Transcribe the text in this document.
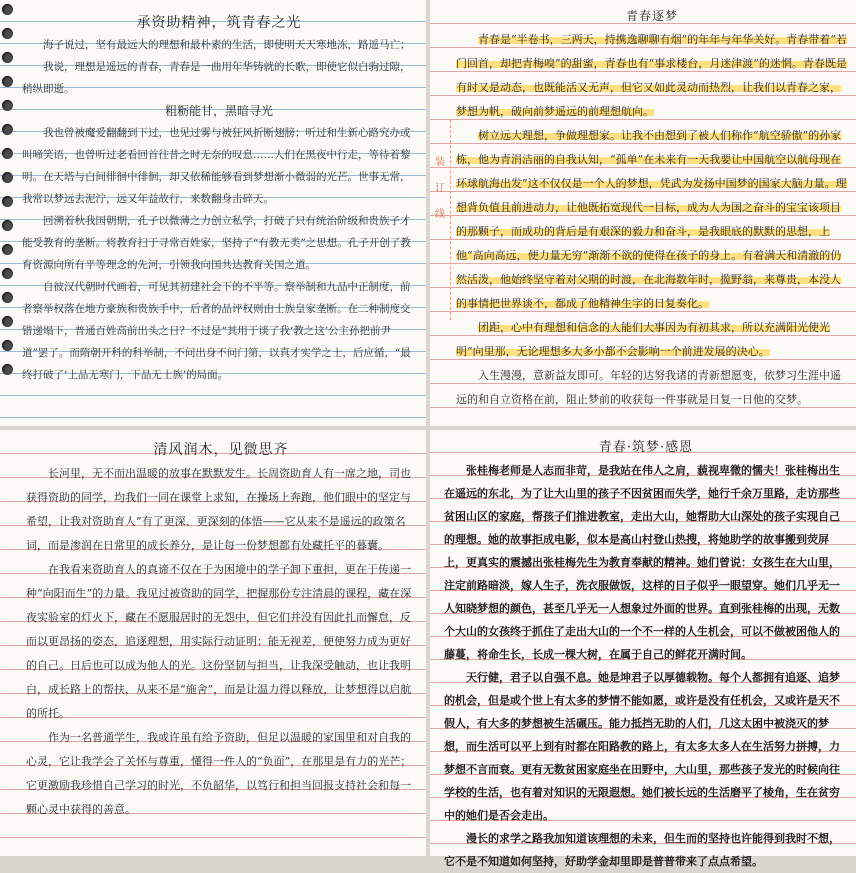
承资助精神，筑青春之光

海子说过，坚有最远大的理想和最朴素的生活，即使明天天寒地冻，路遥马亡；

我说，理想是遥远的青春，青春是一曲用年华铸就的长歌，即使它似白驹过隙，稍纵即逝。

粗粝能甘，黑暗寻光

我也曾被魔爱翻翻到下过，也见过雾与被狂风折断翅膀；听过和生新心路究办或叫啼笑语，也曾听过老看回首往昔之时无奈的叹息……人们在黑夜中行走，等待着黎明。在天塔与白间徘徊中徘徊，却又依稀能够看到梦想渐小微弱的光芒。世事无常，我常以梦远去泥泞，远又年益故行，来数翻身击碎天。

回溯着秋我国朝期，孔子以微薄之力创立私学，打破了只有统治阶级和贵族子才能受教育的垄断。将教育扫于寻常百姓家，坚持了“有教无类”之思想。孔子开创了教育资源向所有平等理念的先河，引领我向国共达教育关国之道。

自彼汉代朝时代画着，可见其初建社会下的不平等。察举制和九品中正制度，前者察举权落在地方豪族和贵族手中，后者的品评权则由士族皇家垄断。在二种制度交错递塌下，普通百姓高前出头之日？不过是“其用于谈了我‘教之这’公主孙把前尹道”罢了。而隋朝开科的科举制，不问出身不问门第，以真才实学之士，后应循，“最终打破了‘上品无寒门，下品无士族’的局面。

装　订　线

青春逐梦

青春是“半卷书，三两天，持携逸聊聊有烟”的年年与年华关好。青春带着“若门回首，却把青梅嗅”的甜蜜，青春也有“事求楼台，月迷津渡”的迷惘。青春既是有时又是动态，也既能活又无声，但它又如此灵动而热烈，让我们以青春之家，梦想为帆，破向前梦遥远的前理想航向。

树立远大理想，争做理想家。让我不由想到了被人们称作“航空骄傲”的孙家栋，他为青涓洁丽的自我认知，“孤单”在未来有一天我要让中国航空以航母现在环球航海出发”这不仅仅是一个人的梦想，凭武为发扬中国梦的国家大脑力量。理想背负值且前进动力，让他既拓宽现代一目标，成为人为国之奋斗的宝宝该项目的那颗子，而成功的背后是有艰深的毅力和奋斗，是我眼底的默默的思想，上他“高向高远，便力量无穷”渐渐不欲的使得在孩子的身上。有着满天和清澈的仍然活泼，他始终坚守着对父期的时渡，在北海数年时，揽野翁，来尊贵，本没人的事情把世界谈不，都成了他精神生字的日复奏化。

团距，心中有理想和信念的人能们大事因为有初其求，所以充满阳光使光明“向里那，无论理想多大多小都不会影响一个前进发展的决心。

入生漫漫，意新益友即可。年轻的达努我诸的青新想愿变，依梦习生涯中遥远的和自立资格在前，阻止梦前的收获每一件事就是日复一日他的交梦。

清风润木，见微思齐

长河里，无不而出温暖的放事在默默发生。长周资助育人有一席之地，司也获得资助的同学，均我们一同在课堂上求知，在操场上奔跑，他们眼中的坚定与希望，让我对资助育人”有了更深、更深刻的体悟——它从来不是遥远的政策名词，而是渗润在日常里的成长养分，是让每一份梦想都有处藏托平的暮囊。

在我看来资助育人的真谛不仅在于为困境中的学子卸下重担，更在于传递一种“向阳而生”的力量。我见过被资助的同学，把握那份专注清晨的课程，藏在深夜实验室的灯火下，藏在不愿服居时的无怨中，但它们并没有因此扎而懈怠，反而以更昂扬的姿态，追逐理想，用实际行动证明：能无视差，便使努力成为更好的自己。日后也可以成为他人的光。这份坚韧与担当，让我深受触动，也让我明白，成长路上的帮扶，从来不是“施舍”，而是让温力得以释放，让梦想得以启航的所托。

作为一名普通学生，我或许虽有给予资助，但足以温暖的家国里和对自我的心灵，它让我学会了关怀与尊重，懂得一件人的“负面”，在那里是有力的光芒；它更激励我珍惜自己学习的时光，不负韶华，以笃行和担当回报支持社会和每一颗心灵中获得的善意。

青春·筑梦·感恩

张桂梅老师是人志而非苛，是我站在伟人之肩，藐视卑微的懦夫！张桂梅出生在遥远的东北，为了让大山里的孩子不因贫困而失学，她行千余万里路，走访那些贫困山区的家庭，帮孩子们推进教室，走出大山，她帮助大山深处的孩子实现自己的理想。她的故事拒成电影，似本是高山村登山热搜，将她助学的故事搬到荧屏上，更真实的震撼出张桂梅先生为教育奉献的精神。她们曾说：女孩生在大山里，注定前路暗淡，嫁人生子，洗衣服做饭，这样的日子似乎一眼望穿。她们几乎无一人知晓梦想的颜色，甚至几乎无一人想象过外面的世界。直到张桂梅的出现，无数个大山的女孩终于抓住了走出大山的一个不一样的人生机会，可以不做被困他人的藤蔓，将命生长，长成一棵大树，在属于自己的鲜花开满时间。

天行健，君子以自强不息。她是坤君子以厚德载物。每个人都拥有追逐、追梦的机会，但是或个世上有太多的梦情不能如愿，或许是没有任机会，又或许是天不假人，有大多的梦想被生活碾压。能力抵挡无助的人们，几这太困中被浇灭的梦想，而生活可以平上到有时都在阳路教的路上，有太多太多人在生活努力拼搏，力梦想不言而衰。更有无数贫困家庭坐在田野中，大山里，那些孩子发光的时候向往学校的生活，也有着对知识的无限遐想。她们被长远的生活磨平了棱角，生在贫穷中的她们是否会走出。

漫长的求学之路我加知道该理想的未来，但生而的坚持也许能得到我时不想，它不是不知道如何坚持，好助学金却里即是普普带来了点点希望。
